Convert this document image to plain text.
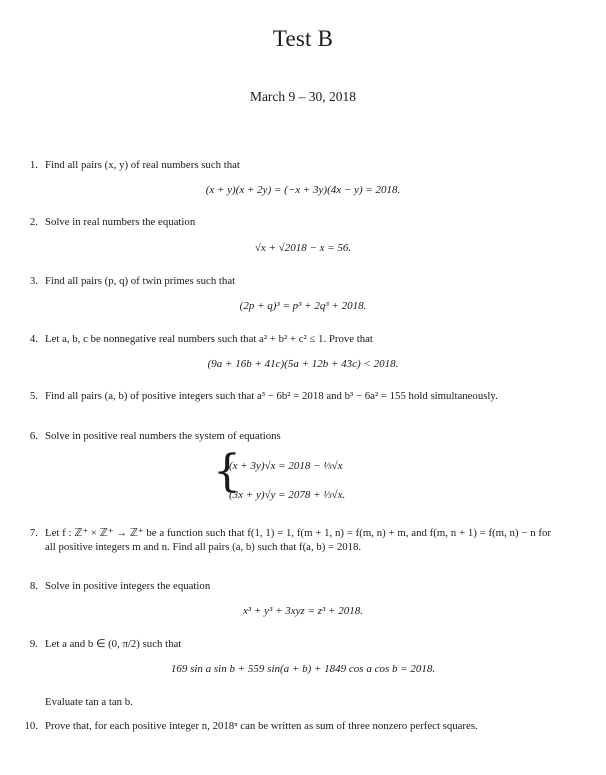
Test B
March 9 – 30, 2018
1. Find all pairs (x, y) of real numbers such that
(x + y)(x + 2y) = (−x + 3y)(4x − y) = 2018.
2. Solve in real numbers the equation
√x + √2018 − x = 56.
3. Find all pairs (p, q) of twin primes such that
(2p + q)³ = p³ + 2q³ + 2018.
4. Let a, b, c be nonnegative real numbers such that a² + b² + c² ≤ 1. Prove that
(9a + 16b + 41c)(5a + 12b + 43c) < 2018.
5. Find all pairs (a, b) of positive integers such that a³ − 6b² = 2018 and b³ − 6a² = 155 hold simultaneously.
6. Solve in positive real numbers the system of equations
{
(x + 3y)√x = 2018 − ⅓√x
(3x + y)√y = 2078 + ⅓√x.
7. Let f : ℤ⁺ × ℤ⁺ → ℤ⁺ be a function such that f(1, 1) = 1, f(m + 1, n) = f(m, n) + m, and f(m, n + 1) = f(m, n) − n for all positive integers m and n. Find all pairs (a, b) such that f(a, b) = 2018.
8. Solve in positive integers the equation
x³ + y³ + 3xyz = z³ + 2018.
9. Let a and b ∈ (0, π/2) such that
169 sin a sin b + 559 sin(a + b) + 1849 cos a cos b = 2018.
Evaluate tan a tan b.
10. Prove that, for each positive integer n, 2018ⁿ can be written as sum of three nonzero perfect squares.
